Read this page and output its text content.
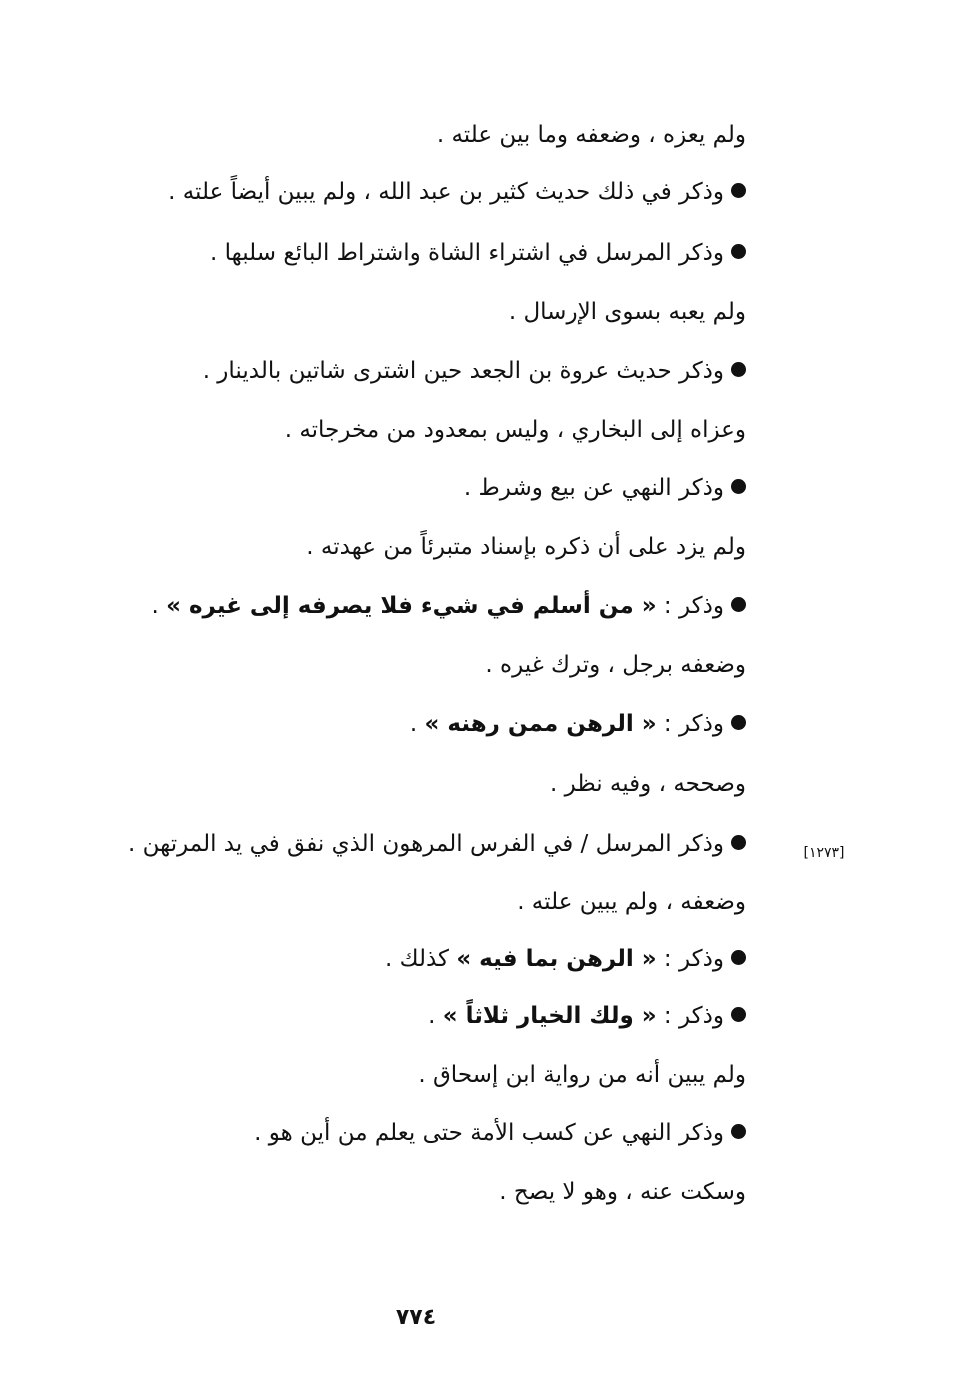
ولم يعزه ، وضعفه وما بين علته .
وذكر في ذلك حديث كثير بن عبد الله ، ولم يبين أيضاً علته .
وذكر المرسل في اشتراء الشاة واشتراط البائع سلبها .
ولم يعبه بسوى الإرسال .
وذكر حديث عروة بن الجعد حين اشترى شاتين بالدينار .
وعزاه إلى البخاري ، وليس بمعدود من مخرجاته .
وذكر النهي عن بيع وشرط .
ولم يزد على أن ذكره بإسناد متبرئاً من عهدته .
وذكر : « من أسلم في شيء فلا يصرفه إلى غيره » .
وضعفه برجل ، وترك غيره .
وذكر : « الرهن ممن رهنه » .
وصححه ، وفيه نظر .
وذكر المرسل / في الفرس المرهون الذي نفق في يد المرتهن .
وضعفه ، ولم يبين علته .
وذكر : « الرهن بما فيه » كذلك .
وذكر : « ولك الخيار ثلاثاً » .
ولم يبين أنه من رواية ابن إسحاق .
وذكر النهي عن كسب الأمة حتى يعلم من أين هو .
وسكت عنه ، وهو لا يصح .
[١٢٧٣]
٧٧٤
